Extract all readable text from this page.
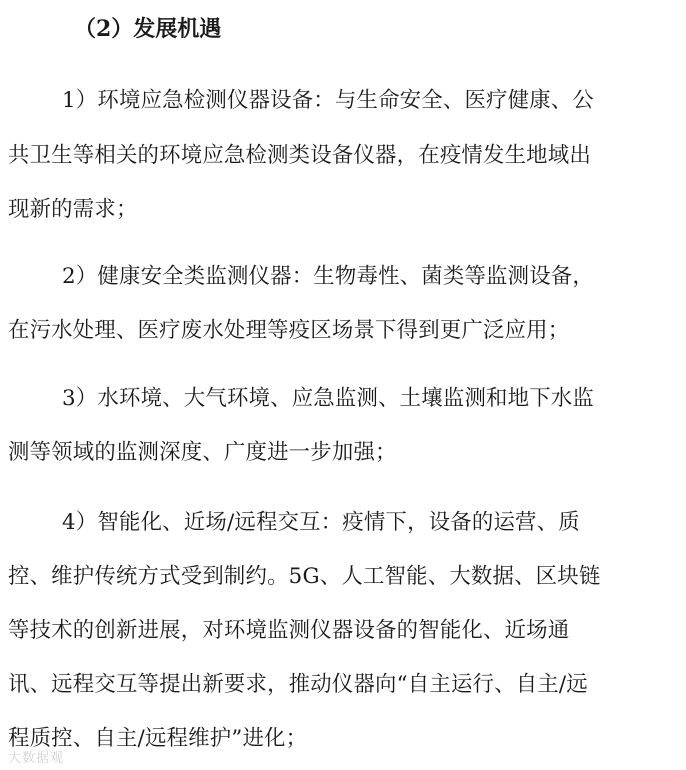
（2）发展机遇
1）环境应急检测仪器设备：与生命安全、医疗健康、公
共卫生等相关的环境应急检测类设备仪器，在疫情发生地域出
现新的需求；
2）健康安全类监测仪器：生物毒性、菌类等监测设备，
在污水处理、医疗废水处理等疫区场景下得到更广泛应用；
3）水环境、大气环境、应急监测、土壤监测和地下水监
测等领域的监测深度、广度进一步加强；
4）智能化、近场/远程交互：疫情下，设备的运营、质
控、维护传统方式受到制约。5G、人工智能、大数据、区块链
等技术的创新进展，对环境监测仪器设备的智能化、近场通
讯、远程交互等提出新要求，推动仪器向“自主运行、自主/远
程质控、自主/远程维护”进化；
大数据观
